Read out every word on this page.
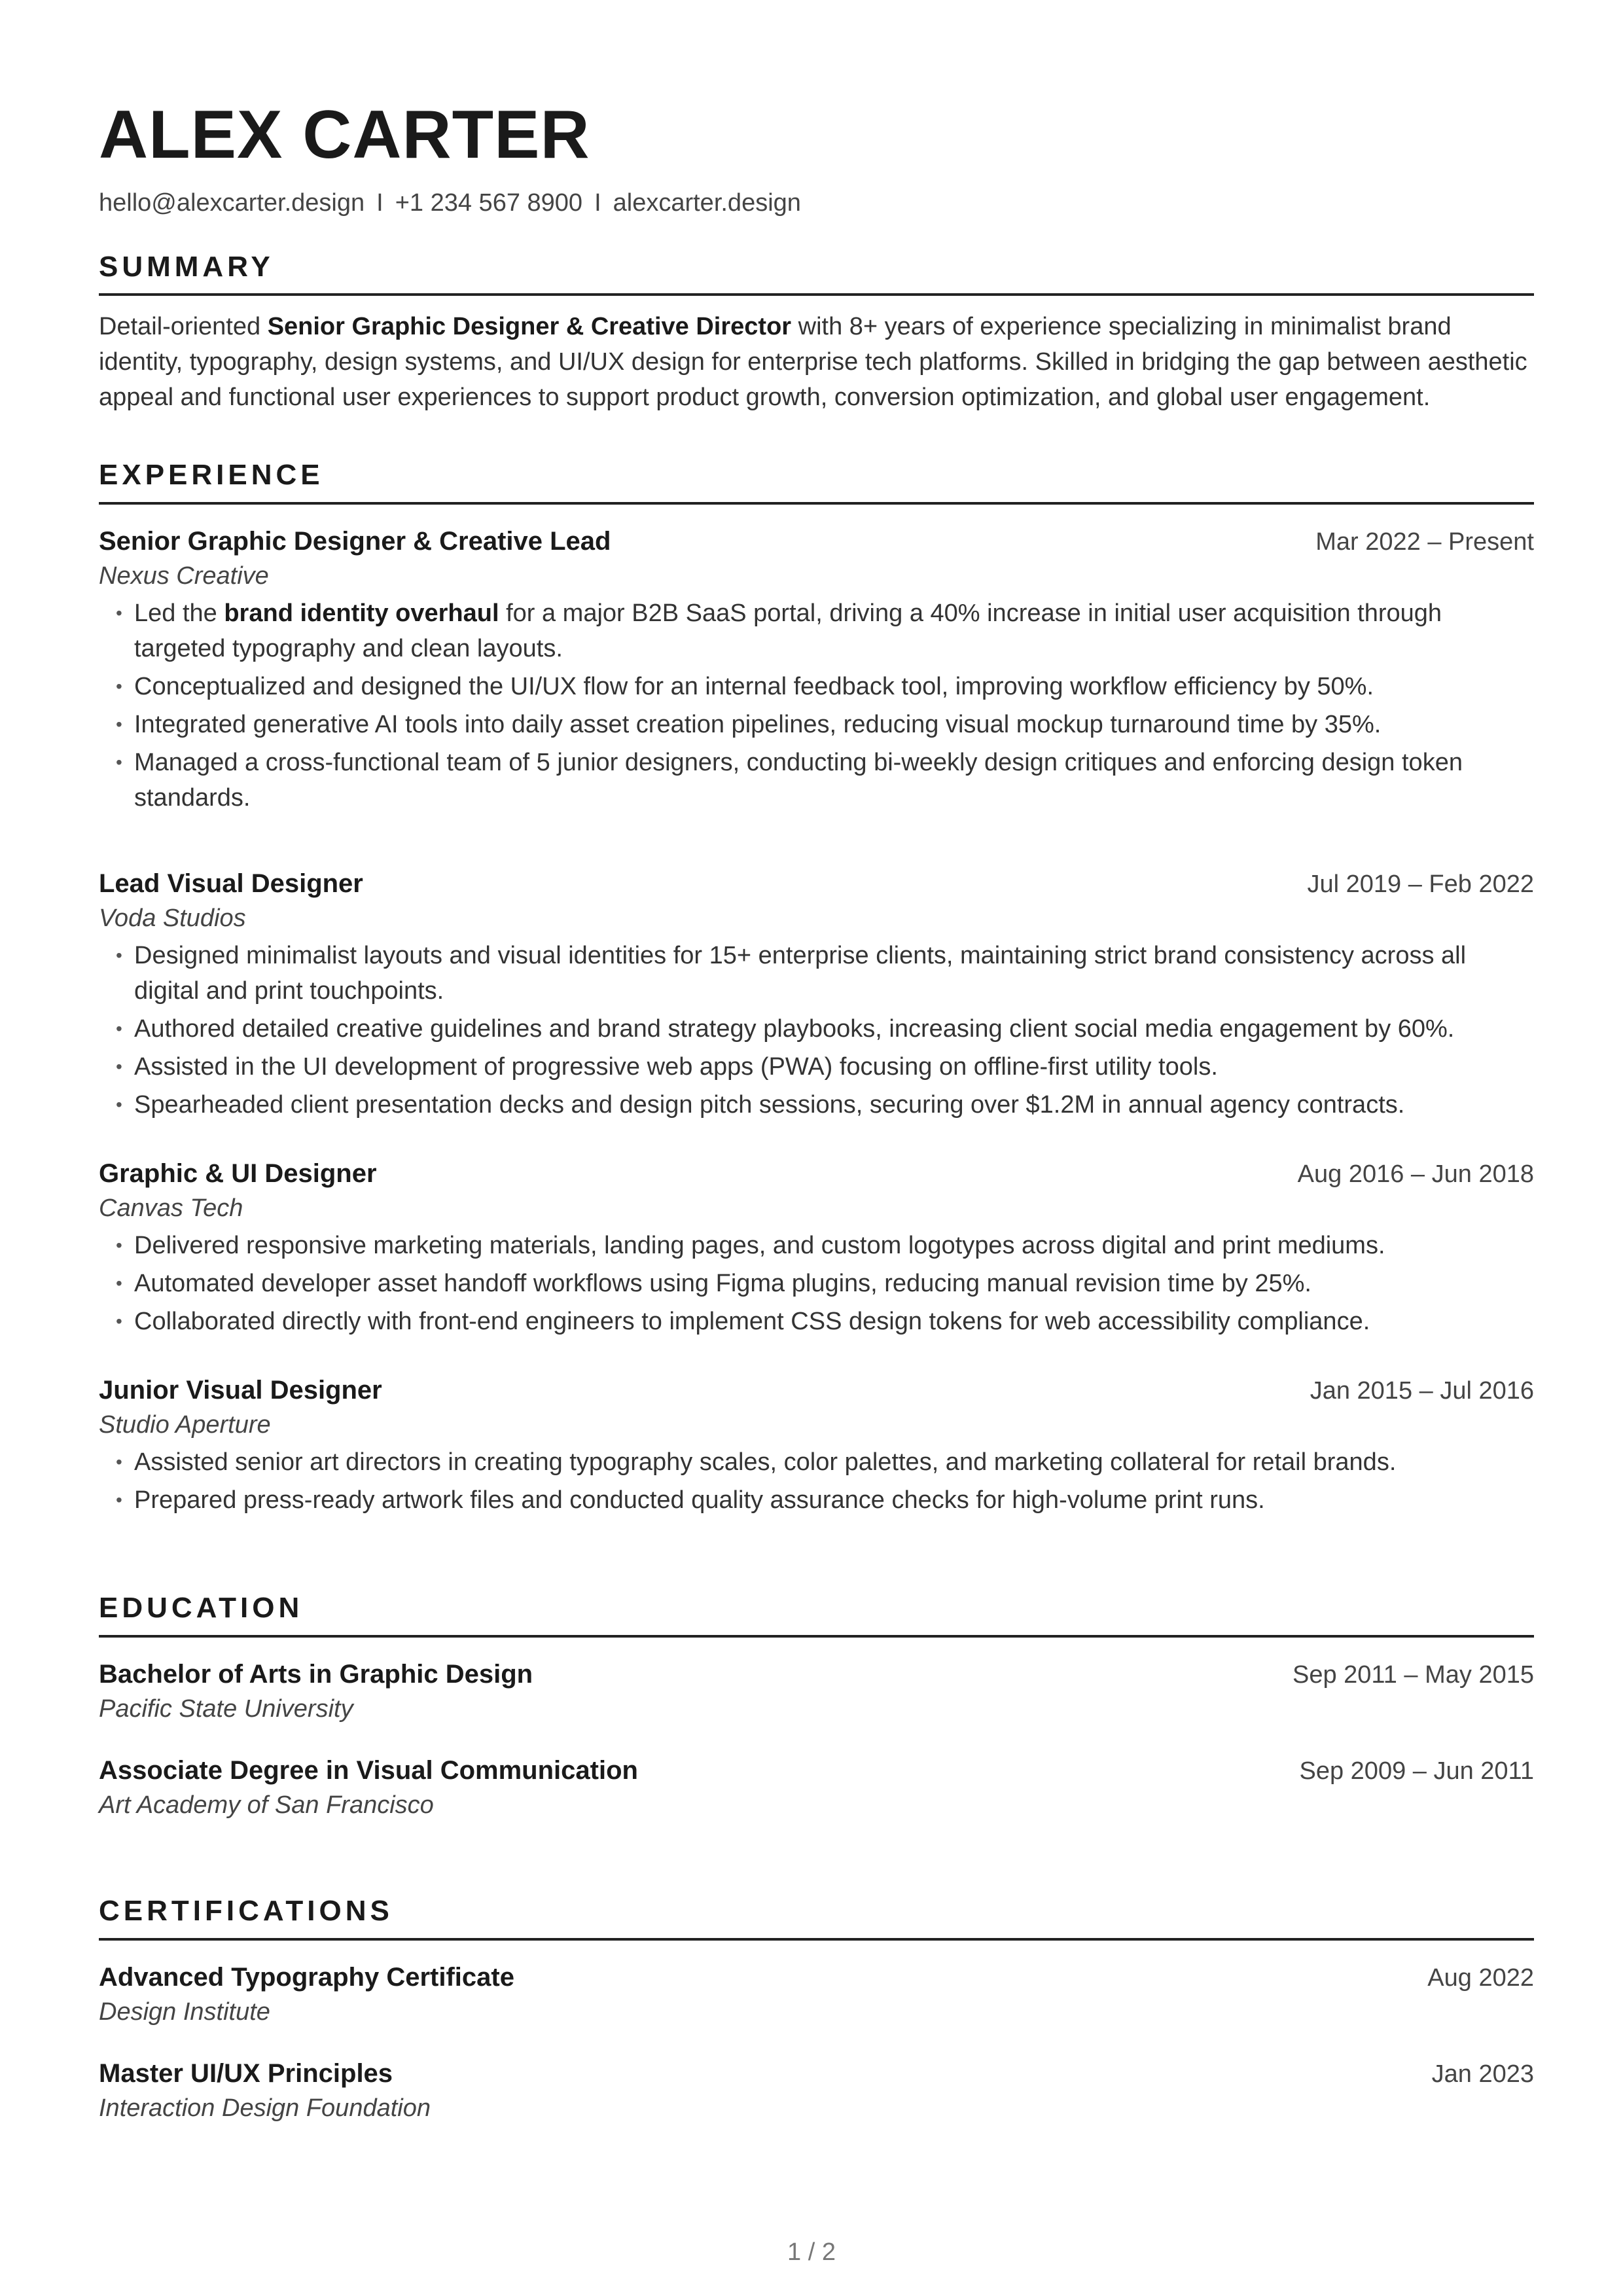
ALEX CARTER
hello@alexcarter.design I +1 234 567 8900 I alexcarter.design
SUMMARY
Detail-oriented Senior Graphic Designer & Creative Director with 8+ years of experience specializing in minimalist brand identity, typography, design systems, and UI/UX design for enterprise tech platforms. Skilled in bridging the gap between aesthetic appeal and functional user experiences to support product growth, conversion optimization, and global user engagement.
EXPERIENCE
Senior Graphic Designer & Creative Lead	Mar 2022 – Present
Nexus Creative
• Led the brand identity overhaul for a major B2B SaaS portal, driving a 40% increase in initial user acquisition through targeted typography and clean layouts.
• Conceptualized and designed the UI/UX flow for an internal feedback tool, improving workflow efficiency by 50%.
• Integrated generative AI tools into daily asset creation pipelines, reducing visual mockup turnaround time by 35%.
• Managed a cross-functional team of 5 junior designers, conducting bi-weekly design critiques and enforcing design token standards.
Lead Visual Designer	Jul 2019 – Feb 2022
Voda Studios
• Designed minimalist layouts and visual identities for 15+ enterprise clients, maintaining strict brand consistency across all digital and print touchpoints.
• Authored detailed creative guidelines and brand strategy playbooks, increasing client social media engagement by 60%.
• Assisted in the UI development of progressive web apps (PWA) focusing on offline-first utility tools.
• Spearheaded client presentation decks and design pitch sessions, securing over $1.2M in annual agency contracts.
Graphic & UI Designer	Aug 2016 – Jun 2018
Canvas Tech
• Delivered responsive marketing materials, landing pages, and custom logotypes across digital and print mediums.
• Automated developer asset handoff workflows using Figma plugins, reducing manual revision time by 25%.
• Collaborated directly with front-end engineers to implement CSS design tokens for web accessibility compliance.
Junior Visual Designer	Jan 2015 – Jul 2016
Studio Aperture
• Assisted senior art directors in creating typography scales, color palettes, and marketing collateral for retail brands.
• Prepared press-ready artwork files and conducted quality assurance checks for high-volume print runs.
EDUCATION
Bachelor of Arts in Graphic Design	Sep 2011 – May 2015
Pacific State University
Associate Degree in Visual Communication	Sep 2009 – Jun 2011
Art Academy of San Francisco
CERTIFICATIONS
Advanced Typography Certificate	Aug 2022
Design Institute
Master UI/UX Principles	Jan 2023
Interaction Design Foundation
1 / 2
